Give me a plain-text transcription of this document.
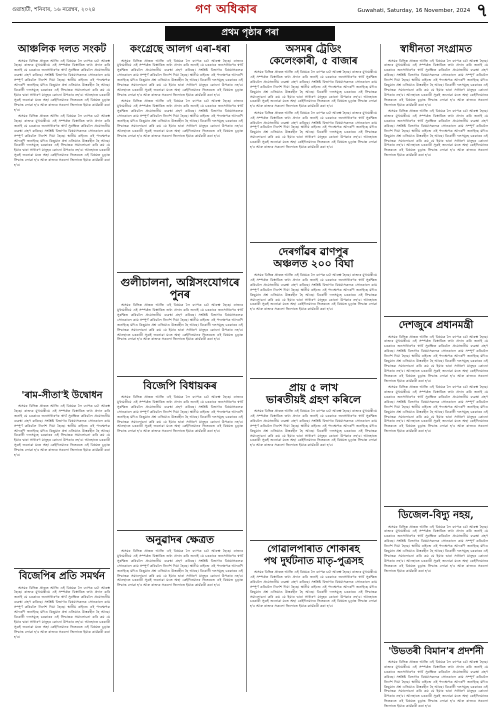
গুৱাহাটী, শনিবাৰ, ১৬ নৱেম্বৰ, ২০২৪	গণ অধিকাৰ	Guwahati, Saturday, 16 November, 2024 ৭
প্ৰথম পৃষ্ঠাৰ পৰা
আঞ্চলিক দলত সংকট

অসমৰ বিভিন্ন প্ৰান্তত আজি এই বিষয়ক লৈ ব্যাপক চৰ্চা আৰম্ভ হৈছে। ৰাজ্যৰ মুখ্যমন্ত্ৰীয়ে এই সম্পৰ্কত বিস্তাৰিত তথ্য প্ৰদান কৰি জনাই যে চৰকাৰে জনসাধাৰণৰ স্বাৰ্থ সুৰক্ষিত কৰিবলৈ প্ৰয়োজনীয় ব্যৱস্থা গ্ৰহণ কৰিছে। সংশ্লিষ্ট বিভাগৰ বিষয়াসকলক সোনকালে কাম সম্পূৰ্ণ কৰিবলৈ নিৰ্দেশ দিয়া হৈছে। স্থানীয় ৰাইজে এই পদক্ষেপক আদৰণি জনাইছে যদিও কিছুমান প্ৰশ্ন এতিয়াও উত্তৰহীন হৈ আছে। বিৰোধী দলসমূহে চৰকাৰৰ এই সিদ্ধান্তক সমালোচনা কৰি কয় যে ইয়াৰ দ্বাৰা সাধাৰণ মানুহৰ কোনো উপকাৰ নহ'ব। আনহাতে চৰকাৰী সূত্ৰই জনোৱা মতে অহা কেইদিনমানৰ ভিতৰতে এই বিষয়ত চূড়ান্ত সিদ্ধান্ত লোৱা হ'ব আৰু ৰাজ্যৰ সকলো জিলাতে ইয়াক কাৰ্যকৰী কৰা হ'ব।

অসমৰ বিভিন্ন প্ৰান্তত আজি এই বিষয়ক লৈ ব্যাপক চৰ্চা আৰম্ভ হৈছে। ৰাজ্যৰ মুখ্যমন্ত্ৰীয়ে এই সম্পৰ্কত বিস্তাৰিত তথ্য প্ৰদান কৰি জনাই যে চৰকাৰে জনসাধাৰণৰ স্বাৰ্থ সুৰক্ষিত কৰিবলৈ প্ৰয়োজনীয় ব্যৱস্থা গ্ৰহণ কৰিছে। সংশ্লিষ্ট বিভাগৰ বিষয়াসকলক সোনকালে কাম সম্পূৰ্ণ কৰিবলৈ নিৰ্দেশ দিয়া হৈছে। স্থানীয় ৰাইজে এই পদক্ষেপক আদৰণি জনাইছে যদিও কিছুমান প্ৰশ্ন এতিয়াও উত্তৰহীন হৈ আছে। বিৰোধী দলসমূহে চৰকাৰৰ এই সিদ্ধান্তক সমালোচনা কৰি কয় যে ইয়াৰ দ্বাৰা সাধাৰণ মানুহৰ কোনো উপকাৰ নহ'ব। আনহাতে চৰকাৰী সূত্ৰই জনোৱা মতে অহা কেইদিনমানৰ ভিতৰতে এই বিষয়ত চূড়ান্ত সিদ্ধান্ত লোৱা হ'ব আৰু ৰাজ্যৰ সকলো জিলাতে ইয়াক কাৰ্যকৰী কৰা হ'ব।

'ৰাম-সীতা'ই উদ্বোধন

অসমৰ বিভিন্ন প্ৰান্তত আজি এই বিষয়ক লৈ ব্যাপক চৰ্চা আৰম্ভ হৈছে। ৰাজ্যৰ মুখ্যমন্ত্ৰীয়ে এই সম্পৰ্কত বিস্তাৰিত তথ্য প্ৰদান কৰি জনাই যে চৰকাৰে জনসাধাৰণৰ স্বাৰ্থ সুৰক্ষিত কৰিবলৈ প্ৰয়োজনীয় ব্যৱস্থা গ্ৰহণ কৰিছে। সংশ্লিষ্ট বিভাগৰ বিষয়াসকলক সোনকালে কাম সম্পূৰ্ণ কৰিবলৈ নিৰ্দেশ দিয়া হৈছে। স্থানীয় ৰাইজে এই পদক্ষেপক আদৰণি জনাইছে যদিও কিছুমান প্ৰশ্ন এতিয়াও উত্তৰহীন হৈ আছে। বিৰোধী দলসমূহে চৰকাৰৰ এই সিদ্ধান্তক সমালোচনা কৰি কয় যে ইয়াৰ দ্বাৰা সাধাৰণ মানুহৰ কোনো উপকাৰ নহ'ব। আনহাতে চৰকাৰী সূত্ৰই জনোৱা মতে অহা কেইদিনমানৰ ভিতৰতে এই বিষয়ত চূড়ান্ত সিদ্ধান্ত লোৱা হ'ব আৰু ৰাজ্যৰ সকলো জিলাতে ইয়াক কাৰ্যকৰী কৰা হ'ব।

বিজেপিৰ প্ৰতি সমৰ্থন

অসমৰ বিভিন্ন প্ৰান্তত আজি এই বিষয়ক লৈ ব্যাপক চৰ্চা আৰম্ভ হৈছে। ৰাজ্যৰ মুখ্যমন্ত্ৰীয়ে এই সম্পৰ্কত বিস্তাৰিত তথ্য প্ৰদান কৰি জনাই যে চৰকাৰে জনসাধাৰণৰ স্বাৰ্থ সুৰক্ষিত কৰিবলৈ প্ৰয়োজনীয় ব্যৱস্থা গ্ৰহণ কৰিছে। সংশ্লিষ্ট বিভাগৰ বিষয়াসকলক সোনকালে কাম সম্পূৰ্ণ কৰিবলৈ নিৰ্দেশ দিয়া হৈছে। স্থানীয় ৰাইজে এই পদক্ষেপক আদৰণি জনাইছে যদিও কিছুমান প্ৰশ্ন এতিয়াও উত্তৰহীন হৈ আছে। বিৰোধী দলসমূহে চৰকাৰৰ এই সিদ্ধান্তক সমালোচনা কৰি কয় যে ইয়াৰ দ্বাৰা সাধাৰণ মানুহৰ কোনো উপকাৰ নহ'ব। আনহাতে চৰকাৰী সূত্ৰই জনোৱা মতে অহা কেইদিনমানৰ ভিতৰতে এই বিষয়ত চূড়ান্ত সিদ্ধান্ত লোৱা হ'ব আৰু ৰাজ্যৰ সকলো জিলাতে ইয়াক কাৰ্যকৰী কৰা হ'ব।

কংগ্ৰেছে আলগ এৰা-ধৰা

অসমৰ বিভিন্ন প্ৰান্তত আজি এই বিষয়ক লৈ ব্যাপক চৰ্চা আৰম্ভ হৈছে। ৰাজ্যৰ মুখ্যমন্ত্ৰীয়ে এই সম্পৰ্কত বিস্তাৰিত তথ্য প্ৰদান কৰি জনাই যে চৰকাৰে জনসাধাৰণৰ স্বাৰ্থ সুৰক্ষিত কৰিবলৈ প্ৰয়োজনীয় ব্যৱস্থা গ্ৰহণ কৰিছে। সংশ্লিষ্ট বিভাগৰ বিষয়াসকলক সোনকালে কাম সম্পূৰ্ণ কৰিবলৈ নিৰ্দেশ দিয়া হৈছে। স্থানীয় ৰাইজে এই পদক্ষেপক আদৰণি জনাইছে যদিও কিছুমান প্ৰশ্ন এতিয়াও উত্তৰহীন হৈ আছে। বিৰোধী দলসমূহে চৰকাৰৰ এই সিদ্ধান্তক সমালোচনা কৰি কয় যে ইয়াৰ দ্বাৰা সাধাৰণ মানুহৰ কোনো উপকাৰ নহ'ব। আনহাতে চৰকাৰী সূত্ৰই জনোৱা মতে অহা কেইদিনমানৰ ভিতৰতে এই বিষয়ত চূড়ান্ত সিদ্ধান্ত লোৱা হ'ব আৰু ৰাজ্যৰ সকলো জিলাতে ইয়াক কাৰ্যকৰী কৰা হ'ব।

অসমৰ বিভিন্ন প্ৰান্তত আজি এই বিষয়ক লৈ ব্যাপক চৰ্চা আৰম্ভ হৈছে। ৰাজ্যৰ মুখ্যমন্ত্ৰীয়ে এই সম্পৰ্কত বিস্তাৰিত তথ্য প্ৰদান কৰি জনাই যে চৰকাৰে জনসাধাৰণৰ স্বাৰ্থ সুৰক্ষিত কৰিবলৈ প্ৰয়োজনীয় ব্যৱস্থা গ্ৰহণ কৰিছে। সংশ্লিষ্ট বিভাগৰ বিষয়াসকলক সোনকালে কাম সম্পূৰ্ণ কৰিবলৈ নিৰ্দেশ দিয়া হৈছে। স্থানীয় ৰাইজে এই পদক্ষেপক আদৰণি জনাইছে যদিও কিছুমান প্ৰশ্ন এতিয়াও উত্তৰহীন হৈ আছে। বিৰোধী দলসমূহে চৰকাৰৰ এই সিদ্ধান্তক সমালোচনা কৰি কয় যে ইয়াৰ দ্বাৰা সাধাৰণ মানুহৰ কোনো উপকাৰ নহ'ব। আনহাতে চৰকাৰী সূত্ৰই জনোৱা মতে অহা কেইদিনমানৰ ভিতৰতে এই বিষয়ত চূড়ান্ত সিদ্ধান্ত লোৱা হ'ব আৰু ৰাজ্যৰ সকলো জিলাতে ইয়াক কাৰ্যকৰী কৰা হ'ব।

গুলীচালনা, অগ্নিসংযোগৰে পুনৰ

অসমৰ বিভিন্ন প্ৰান্তত আজি এই বিষয়ক লৈ ব্যাপক চৰ্চা আৰম্ভ হৈছে। ৰাজ্যৰ মুখ্যমন্ত্ৰীয়ে এই সম্পৰ্কত বিস্তাৰিত তথ্য প্ৰদান কৰি জনাই যে চৰকাৰে জনসাধাৰণৰ স্বাৰ্থ সুৰক্ষিত কৰিবলৈ প্ৰয়োজনীয় ব্যৱস্থা গ্ৰহণ কৰিছে। সংশ্লিষ্ট বিভাগৰ বিষয়াসকলক সোনকালে কাম সম্পূৰ্ণ কৰিবলৈ নিৰ্দেশ দিয়া হৈছে। স্থানীয় ৰাইজে এই পদক্ষেপক আদৰণি জনাইছে যদিও কিছুমান প্ৰশ্ন এতিয়াও উত্তৰহীন হৈ আছে। বিৰোধী দলসমূহে চৰকাৰৰ এই সিদ্ধান্তক সমালোচনা কৰি কয় যে ইয়াৰ দ্বাৰা সাধাৰণ মানুহৰ কোনো উপকাৰ নহ'ব। আনহাতে চৰকাৰী সূত্ৰই জনোৱা মতে অহা কেইদিনমানৰ ভিতৰতে এই বিষয়ত চূড়ান্ত সিদ্ধান্ত লোৱা হ'ব আৰু ৰাজ্যৰ সকলো জিলাতে ইয়াক কাৰ্যকৰী কৰা হ'ব।

বিজেপি বিধায়কৰ

অসমৰ বিভিন্ন প্ৰান্তত আজি এই বিষয়ক লৈ ব্যাপক চৰ্চা আৰম্ভ হৈছে। ৰাজ্যৰ মুখ্যমন্ত্ৰীয়ে এই সম্পৰ্কত বিস্তাৰিত তথ্য প্ৰদান কৰি জনাই যে চৰকাৰে জনসাধাৰণৰ স্বাৰ্থ সুৰক্ষিত কৰিবলৈ প্ৰয়োজনীয় ব্যৱস্থা গ্ৰহণ কৰিছে। সংশ্লিষ্ট বিভাগৰ বিষয়াসকলক সোনকালে কাম সম্পূৰ্ণ কৰিবলৈ নিৰ্দেশ দিয়া হৈছে। স্থানীয় ৰাইজে এই পদক্ষেপক আদৰণি জনাইছে যদিও কিছুমান প্ৰশ্ন এতিয়াও উত্তৰহীন হৈ আছে। বিৰোধী দলসমূহে চৰকাৰৰ এই সিদ্ধান্তক সমালোচনা কৰি কয় যে ইয়াৰ দ্বাৰা সাধাৰণ মানুহৰ কোনো উপকাৰ নহ'ব। আনহাতে চৰকাৰী সূত্ৰই জনোৱা মতে অহা কেইদিনমানৰ ভিতৰতে এই বিষয়ত চূড়ান্ত সিদ্ধান্ত লোৱা হ'ব আৰু ৰাজ্যৰ সকলো জিলাতে ইয়াক কাৰ্যকৰী কৰা হ'ব।

অনুৱাদৰ ক্ষেত্ৰত

অসমৰ বিভিন্ন প্ৰান্তত আজি এই বিষয়ক লৈ ব্যাপক চৰ্চা আৰম্ভ হৈছে। ৰাজ্যৰ মুখ্যমন্ত্ৰীয়ে এই সম্পৰ্কত বিস্তাৰিত তথ্য প্ৰদান কৰি জনাই যে চৰকাৰে জনসাধাৰণৰ স্বাৰ্থ সুৰক্ষিত কৰিবলৈ প্ৰয়োজনীয় ব্যৱস্থা গ্ৰহণ কৰিছে। সংশ্লিষ্ট বিভাগৰ বিষয়াসকলক সোনকালে কাম সম্পূৰ্ণ কৰিবলৈ নিৰ্দেশ দিয়া হৈছে। স্থানীয় ৰাইজে এই পদক্ষেপক আদৰণি জনাইছে যদিও কিছুমান প্ৰশ্ন এতিয়াও উত্তৰহীন হৈ আছে। বিৰোধী দলসমূহে চৰকাৰৰ এই সিদ্ধান্তক সমালোচনা কৰি কয় যে ইয়াৰ দ্বাৰা সাধাৰণ মানুহৰ কোনো উপকাৰ নহ'ব। আনহাতে চৰকাৰী সূত্ৰই জনোৱা মতে অহা কেইদিনমানৰ ভিতৰতে এই বিষয়ত চূড়ান্ত সিদ্ধান্ত লোৱা হ'ব আৰু ৰাজ্যৰ সকলো জিলাতে ইয়াক কাৰ্যকৰী কৰা হ'ব।

অসমৰ ট্ৰেডিং
কেলেংকাৰী, ৫ বাজাৰ

অসমৰ বিভিন্ন প্ৰান্তত আজি এই বিষয়ক লৈ ব্যাপক চৰ্চা আৰম্ভ হৈছে। ৰাজ্যৰ মুখ্যমন্ত্ৰীয়ে এই সম্পৰ্কত বিস্তাৰিত তথ্য প্ৰদান কৰি জনাই যে চৰকাৰে জনসাধাৰণৰ স্বাৰ্থ সুৰক্ষিত কৰিবলৈ প্ৰয়োজনীয় ব্যৱস্থা গ্ৰহণ কৰিছে। সংশ্লিষ্ট বিভাগৰ বিষয়াসকলক সোনকালে কাম সম্পূৰ্ণ কৰিবলৈ নিৰ্দেশ দিয়া হৈছে। স্থানীয় ৰাইজে এই পদক্ষেপক আদৰণি জনাইছে যদিও কিছুমান প্ৰশ্ন এতিয়াও উত্তৰহীন হৈ আছে। বিৰোধী দলসমূহে চৰকাৰৰ এই সিদ্ধান্তক সমালোচনা কৰি কয় যে ইয়াৰ দ্বাৰা সাধাৰণ মানুহৰ কোনো উপকাৰ নহ'ব। আনহাতে চৰকাৰী সূত্ৰই জনোৱা মতে অহা কেইদিনমানৰ ভিতৰতে এই বিষয়ত চূড়ান্ত সিদ্ধান্ত লোৱা হ'ব আৰু ৰাজ্যৰ সকলো জিলাতে ইয়াক কাৰ্যকৰী কৰা হ'ব।

অসমৰ বিভিন্ন প্ৰান্তত আজি এই বিষয়ক লৈ ব্যাপক চৰ্চা আৰম্ভ হৈছে। ৰাজ্যৰ মুখ্যমন্ত্ৰীয়ে এই সম্পৰ্কত বিস্তাৰিত তথ্য প্ৰদান কৰি জনাই যে চৰকাৰে জনসাধাৰণৰ স্বাৰ্থ সুৰক্ষিত কৰিবলৈ প্ৰয়োজনীয় ব্যৱস্থা গ্ৰহণ কৰিছে। সংশ্লিষ্ট বিভাগৰ বিষয়াসকলক সোনকালে কাম সম্পূৰ্ণ কৰিবলৈ নিৰ্দেশ দিয়া হৈছে। স্থানীয় ৰাইজে এই পদক্ষেপক আদৰণি জনাইছে যদিও কিছুমান প্ৰশ্ন এতিয়াও উত্তৰহীন হৈ আছে। বিৰোধী দলসমূহে চৰকাৰৰ এই সিদ্ধান্তক সমালোচনা কৰি কয় যে ইয়াৰ দ্বাৰা সাধাৰণ মানুহৰ কোনো উপকাৰ নহ'ব। আনহাতে চৰকাৰী সূত্ৰই জনোৱা মতে অহা কেইদিনমানৰ ভিতৰতে এই বিষয়ত চূড়ান্ত সিদ্ধান্ত লোৱা হ'ব আৰু ৰাজ্যৰ সকলো জিলাতে ইয়াক কাৰ্যকৰী কৰা হ'ব।

দেৰগাঁৱৰ ৱাণপুৰ
অঞ্চলত ২০০ বিঘা

অসমৰ বিভিন্ন প্ৰান্তত আজি এই বিষয়ক লৈ ব্যাপক চৰ্চা আৰম্ভ হৈছে। ৰাজ্যৰ মুখ্যমন্ত্ৰীয়ে এই সম্পৰ্কত বিস্তাৰিত তথ্য প্ৰদান কৰি জনাই যে চৰকাৰে জনসাধাৰণৰ স্বাৰ্থ সুৰক্ষিত কৰিবলৈ প্ৰয়োজনীয় ব্যৱস্থা গ্ৰহণ কৰিছে। সংশ্লিষ্ট বিভাগৰ বিষয়াসকলক সোনকালে কাম সম্পূৰ্ণ কৰিবলৈ নিৰ্দেশ দিয়া হৈছে। স্থানীয় ৰাইজে এই পদক্ষেপক আদৰণি জনাইছে যদিও কিছুমান প্ৰশ্ন এতিয়াও উত্তৰহীন হৈ আছে। বিৰোধী দলসমূহে চৰকাৰৰ এই সিদ্ধান্তক সমালোচনা কৰি কয় যে ইয়াৰ দ্বাৰা সাধাৰণ মানুহৰ কোনো উপকাৰ নহ'ব। আনহাতে চৰকাৰী সূত্ৰই জনোৱা মতে অহা কেইদিনমানৰ ভিতৰতে এই বিষয়ত চূড়ান্ত সিদ্ধান্ত লোৱা হ'ব আৰু ৰাজ্যৰ সকলো জিলাতে ইয়াক কাৰ্যকৰী কৰা হ'ব।

প্ৰায় ৫ লাখ
ভাৰতীয়ই গ্ৰহণ কৰিলে

অসমৰ বিভিন্ন প্ৰান্তত আজি এই বিষয়ক লৈ ব্যাপক চৰ্চা আৰম্ভ হৈছে। ৰাজ্যৰ মুখ্যমন্ত্ৰীয়ে এই সম্পৰ্কত বিস্তাৰিত তথ্য প্ৰদান কৰি জনাই যে চৰকাৰে জনসাধাৰণৰ স্বাৰ্থ সুৰক্ষিত কৰিবলৈ প্ৰয়োজনীয় ব্যৱস্থা গ্ৰহণ কৰিছে। সংশ্লিষ্ট বিভাগৰ বিষয়াসকলক সোনকালে কাম সম্পূৰ্ণ কৰিবলৈ নিৰ্দেশ দিয়া হৈছে। স্থানীয় ৰাইজে এই পদক্ষেপক আদৰণি জনাইছে যদিও কিছুমান প্ৰশ্ন এতিয়াও উত্তৰহীন হৈ আছে। বিৰোধী দলসমূহে চৰকাৰৰ এই সিদ্ধান্তক সমালোচনা কৰি কয় যে ইয়াৰ দ্বাৰা সাধাৰণ মানুহৰ কোনো উপকাৰ নহ'ব। আনহাতে চৰকাৰী সূত্ৰই জনোৱা মতে অহা কেইদিনমানৰ ভিতৰতে এই বিষয়ত চূড়ান্ত সিদ্ধান্ত লোৱা হ'ব আৰু ৰাজ্যৰ সকলো জিলাতে ইয়াক কাৰ্যকৰী কৰা হ'ব।

গোৱালপাৰাত শোকাৰহ
পথ দুৰ্ঘটনাত মাতৃ-পুত্ৰসহ

অসমৰ বিভিন্ন প্ৰান্তত আজি এই বিষয়ক লৈ ব্যাপক চৰ্চা আৰম্ভ হৈছে। ৰাজ্যৰ মুখ্যমন্ত্ৰীয়ে এই সম্পৰ্কত বিস্তাৰিত তথ্য প্ৰদান কৰি জনাই যে চৰকাৰে জনসাধাৰণৰ স্বাৰ্থ সুৰক্ষিত কৰিবলৈ প্ৰয়োজনীয় ব্যৱস্থা গ্ৰহণ কৰিছে। সংশ্লিষ্ট বিভাগৰ বিষয়াসকলক সোনকালে কাম সম্পূৰ্ণ কৰিবলৈ নিৰ্দেশ দিয়া হৈছে। স্থানীয় ৰাইজে এই পদক্ষেপক আদৰণি জনাইছে যদিও কিছুমান প্ৰশ্ন এতিয়াও উত্তৰহীন হৈ আছে। বিৰোধী দলসমূহে চৰকাৰৰ এই সিদ্ধান্তক সমালোচনা কৰি কয় যে ইয়াৰ দ্বাৰা সাধাৰণ মানুহৰ কোনো উপকাৰ নহ'ব। আনহাতে চৰকাৰী সূত্ৰই জনোৱা মতে অহা কেইদিনমানৰ ভিতৰতে এই বিষয়ত চূড়ান্ত সিদ্ধান্ত লোৱা হ'ব আৰু ৰাজ্যৰ সকলো জিলাতে ইয়াক কাৰ্যকৰী কৰা হ'ব।

স্বাধীনতা সংগ্ৰামত

অসমৰ বিভিন্ন প্ৰান্তত আজি এই বিষয়ক লৈ ব্যাপক চৰ্চা আৰম্ভ হৈছে। ৰাজ্যৰ মুখ্যমন্ত্ৰীয়ে এই সম্পৰ্কত বিস্তাৰিত তথ্য প্ৰদান কৰি জনাই যে চৰকাৰে জনসাধাৰণৰ স্বাৰ্থ সুৰক্ষিত কৰিবলৈ প্ৰয়োজনীয় ব্যৱস্থা গ্ৰহণ কৰিছে। সংশ্লিষ্ট বিভাগৰ বিষয়াসকলক সোনকালে কাম সম্পূৰ্ণ কৰিবলৈ নিৰ্দেশ দিয়া হৈছে। স্থানীয় ৰাইজে এই পদক্ষেপক আদৰণি জনাইছে যদিও কিছুমান প্ৰশ্ন এতিয়াও উত্তৰহীন হৈ আছে। বিৰোধী দলসমূহে চৰকাৰৰ এই সিদ্ধান্তক সমালোচনা কৰি কয় যে ইয়াৰ দ্বাৰা সাধাৰণ মানুহৰ কোনো উপকাৰ নহ'ব। আনহাতে চৰকাৰী সূত্ৰই জনোৱা মতে অহা কেইদিনমানৰ ভিতৰতে এই বিষয়ত চূড়ান্ত সিদ্ধান্ত লোৱা হ'ব আৰু ৰাজ্যৰ সকলো জিলাতে ইয়াক কাৰ্যকৰী কৰা হ'ব।

অসমৰ বিভিন্ন প্ৰান্তত আজি এই বিষয়ক লৈ ব্যাপক চৰ্চা আৰম্ভ হৈছে। ৰাজ্যৰ মুখ্যমন্ত্ৰীয়ে এই সম্পৰ্কত বিস্তাৰিত তথ্য প্ৰদান কৰি জনাই যে চৰকাৰে জনসাধাৰণৰ স্বাৰ্থ সুৰক্ষিত কৰিবলৈ প্ৰয়োজনীয় ব্যৱস্থা গ্ৰহণ কৰিছে। সংশ্লিষ্ট বিভাগৰ বিষয়াসকলক সোনকালে কাম সম্পূৰ্ণ কৰিবলৈ নিৰ্দেশ দিয়া হৈছে। স্থানীয় ৰাইজে এই পদক্ষেপক আদৰণি জনাইছে যদিও কিছুমান প্ৰশ্ন এতিয়াও উত্তৰহীন হৈ আছে। বিৰোধী দলসমূহে চৰকাৰৰ এই সিদ্ধান্তক সমালোচনা কৰি কয় যে ইয়াৰ দ্বাৰা সাধাৰণ মানুহৰ কোনো উপকাৰ নহ'ব। আনহাতে চৰকাৰী সূত্ৰই জনোৱা মতে অহা কেইদিনমানৰ ভিতৰতে এই বিষয়ত চূড়ান্ত সিদ্ধান্ত লোৱা হ'ব আৰু ৰাজ্যৰ সকলো জিলাতে ইয়াক কাৰ্যকৰী কৰা হ'ব।

দেশজুৰে প্ৰধানমন্ত্ৰী

অসমৰ বিভিন্ন প্ৰান্তত আজি এই বিষয়ক লৈ ব্যাপক চৰ্চা আৰম্ভ হৈছে। ৰাজ্যৰ মুখ্যমন্ত্ৰীয়ে এই সম্পৰ্কত বিস্তাৰিত তথ্য প্ৰদান কৰি জনাই যে চৰকাৰে জনসাধাৰণৰ স্বাৰ্থ সুৰক্ষিত কৰিবলৈ প্ৰয়োজনীয় ব্যৱস্থা গ্ৰহণ কৰিছে। সংশ্লিষ্ট বিভাগৰ বিষয়াসকলক সোনকালে কাম সম্পূৰ্ণ কৰিবলৈ নিৰ্দেশ দিয়া হৈছে। স্থানীয় ৰাইজে এই পদক্ষেপক আদৰণি জনাইছে যদিও কিছুমান প্ৰশ্ন এতিয়াও উত্তৰহীন হৈ আছে। বিৰোধী দলসমূহে চৰকাৰৰ এই সিদ্ধান্তক সমালোচনা কৰি কয় যে ইয়াৰ দ্বাৰা সাধাৰণ মানুহৰ কোনো উপকাৰ নহ'ব। আনহাতে চৰকাৰী সূত্ৰই জনোৱা মতে অহা কেইদিনমানৰ ভিতৰতে এই বিষয়ত চূড়ান্ত সিদ্ধান্ত লোৱা হ'ব আৰু ৰাজ্যৰ সকলো জিলাতে ইয়াক কাৰ্যকৰী কৰা হ'ব।

অসমৰ বিভিন্ন প্ৰান্তত আজি এই বিষয়ক লৈ ব্যাপক চৰ্চা আৰম্ভ হৈছে। ৰাজ্যৰ মুখ্যমন্ত্ৰীয়ে এই সম্পৰ্কত বিস্তাৰিত তথ্য প্ৰদান কৰি জনাই যে চৰকাৰে জনসাধাৰণৰ স্বাৰ্থ সুৰক্ষিত কৰিবলৈ প্ৰয়োজনীয় ব্যৱস্থা গ্ৰহণ কৰিছে। সংশ্লিষ্ট বিভাগৰ বিষয়াসকলক সোনকালে কাম সম্পূৰ্ণ কৰিবলৈ নিৰ্দেশ দিয়া হৈছে। স্থানীয় ৰাইজে এই পদক্ষেপক আদৰণি জনাইছে যদিও কিছুমান প্ৰশ্ন এতিয়াও উত্তৰহীন হৈ আছে। বিৰোধী দলসমূহে চৰকাৰৰ এই সিদ্ধান্তক সমালোচনা কৰি কয় যে ইয়াৰ দ্বাৰা সাধাৰণ মানুহৰ কোনো উপকাৰ নহ'ব। আনহাতে চৰকাৰী সূত্ৰই জনোৱা মতে অহা কেইদিনমানৰ ভিতৰতে এই বিষয়ত চূড়ান্ত সিদ্ধান্ত লোৱা হ'ব আৰু ৰাজ্যৰ সকলো জিলাতে ইয়াক কাৰ্যকৰী কৰা হ'ব।

ডিজেল-বিদ্যু নহয়,

অসমৰ বিভিন্ন প্ৰান্তত আজি এই বিষয়ক লৈ ব্যাপক চৰ্চা আৰম্ভ হৈছে। ৰাজ্যৰ মুখ্যমন্ত্ৰীয়ে এই সম্পৰ্কত বিস্তাৰিত তথ্য প্ৰদান কৰি জনাই যে চৰকাৰে জনসাধাৰণৰ স্বাৰ্থ সুৰক্ষিত কৰিবলৈ প্ৰয়োজনীয় ব্যৱস্থা গ্ৰহণ কৰিছে। সংশ্লিষ্ট বিভাগৰ বিষয়াসকলক সোনকালে কাম সম্পূৰ্ণ কৰিবলৈ নিৰ্দেশ দিয়া হৈছে। স্থানীয় ৰাইজে এই পদক্ষেপক আদৰণি জনাইছে যদিও কিছুমান প্ৰশ্ন এতিয়াও উত্তৰহীন হৈ আছে। বিৰোধী দলসমূহে চৰকাৰৰ এই সিদ্ধান্তক সমালোচনা কৰি কয় যে ইয়াৰ দ্বাৰা সাধাৰণ মানুহৰ কোনো উপকাৰ নহ'ব। আনহাতে চৰকাৰী সূত্ৰই জনোৱা মতে অহা কেইদিনমানৰ ভিতৰতে এই বিষয়ত চূড়ান্ত সিদ্ধান্ত লোৱা হ'ব আৰু ৰাজ্যৰ সকলো জিলাতে ইয়াক কাৰ্যকৰী কৰা হ'ব।

'উভতৰী বিমান'ৰ প্ৰদৰ্শনী

অসমৰ বিভিন্ন প্ৰান্তত আজি এই বিষয়ক লৈ ব্যাপক চৰ্চা আৰম্ভ হৈছে। ৰাজ্যৰ মুখ্যমন্ত্ৰীয়ে এই সম্পৰ্কত বিস্তাৰিত তথ্য প্ৰদান কৰি জনাই যে চৰকাৰে জনসাধাৰণৰ স্বাৰ্থ সুৰক্ষিত কৰিবলৈ প্ৰয়োজনীয় ব্যৱস্থা গ্ৰহণ কৰিছে। সংশ্লিষ্ট বিভাগৰ বিষয়াসকলক সোনকালে কাম সম্পূৰ্ণ কৰিবলৈ নিৰ্দেশ দিয়া হৈছে। স্থানীয় ৰাইজে এই পদক্ষেপক আদৰণি জনাইছে যদিও কিছুমান প্ৰশ্ন এতিয়াও উত্তৰহীন হৈ আছে। বিৰোধী দলসমূহে চৰকাৰৰ এই সিদ্ধান্তক সমালোচনা কৰি কয় যে ইয়াৰ দ্বাৰা সাধাৰণ মানুহৰ কোনো উপকাৰ নহ'ব। আনহাতে চৰকাৰী সূত্ৰই জনোৱা মতে অহা কেইদিনমানৰ ভিতৰতে এই বিষয়ত চূড়ান্ত সিদ্ধান্ত লোৱা হ'ব আৰু ৰাজ্যৰ সকলো জিলাতে ইয়াক কাৰ্যকৰী কৰা হ'ব।
